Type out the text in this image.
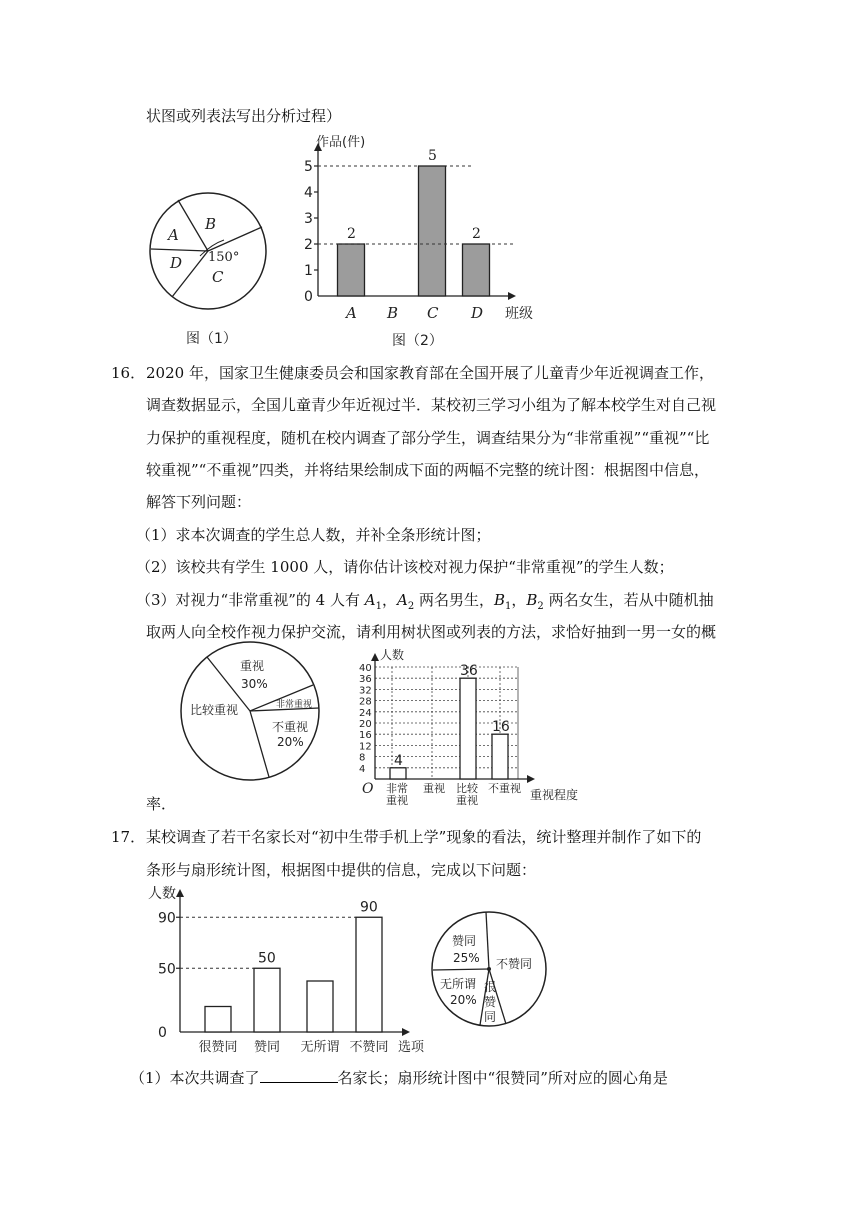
状图或列表法写出分析过程）
A
B
C
D 150°
图（1）
作品(件)
班级
0
1
2
3
4
5
A
2
B C
5
D
2
图（2）
16． 2020 年，国家卫生健康委员会和国家教育部在全国开展了儿童青少年近视调查工作，
调查数据显示，全国儿童青少年近视过半．某校初三学习小组为了解本校学生对自己视
力保护的重视程度，随机在校内调查了部分学生，调查结果分为“非常重视”“重视”“比
较重视”“不重视”四类，并将结果绘制成下面的两幅不完整的统计图：根据图中信息，
解答下列问题：
（1）求本次调查的学生总人数，并补全条形统计图；
（2）该校共有学生 1000 人，请你估计该校对视力保护“非常重视”的学生人数；
（3）对视力“非常重视”的 4 人有 $A_1$，$A_2$ 两名男生，$B_1$，$B_2$ 两名女生，若从中随机抽
取两人向全校作视力保护交流，请利用树状图或列表的方法，求恰好抽到一男一女的概
重视
30%
非常重视
比较重视
不重视
20%
人数
O	重视程度
4
8
12
16
20
24
28
32
36
40
非常
重视
4
重视 比较
重视
36
不重视
16
率．
17． 某校调查了若干名家长对“初中生带手机上学”现象的看法，统计整理并制作了如下的
条形与扇形统计图，根据图中提供的信息，完成以下问题：
人数
选项
0
50
90
很赞同
50
赞同 无所谓
90
不赞同
赞同
25% 不赞同
无所谓
20%
很
赞
同
（1）本次共调查了	名家长；扇形统计图中“很赞同”所对应的圆心角是
